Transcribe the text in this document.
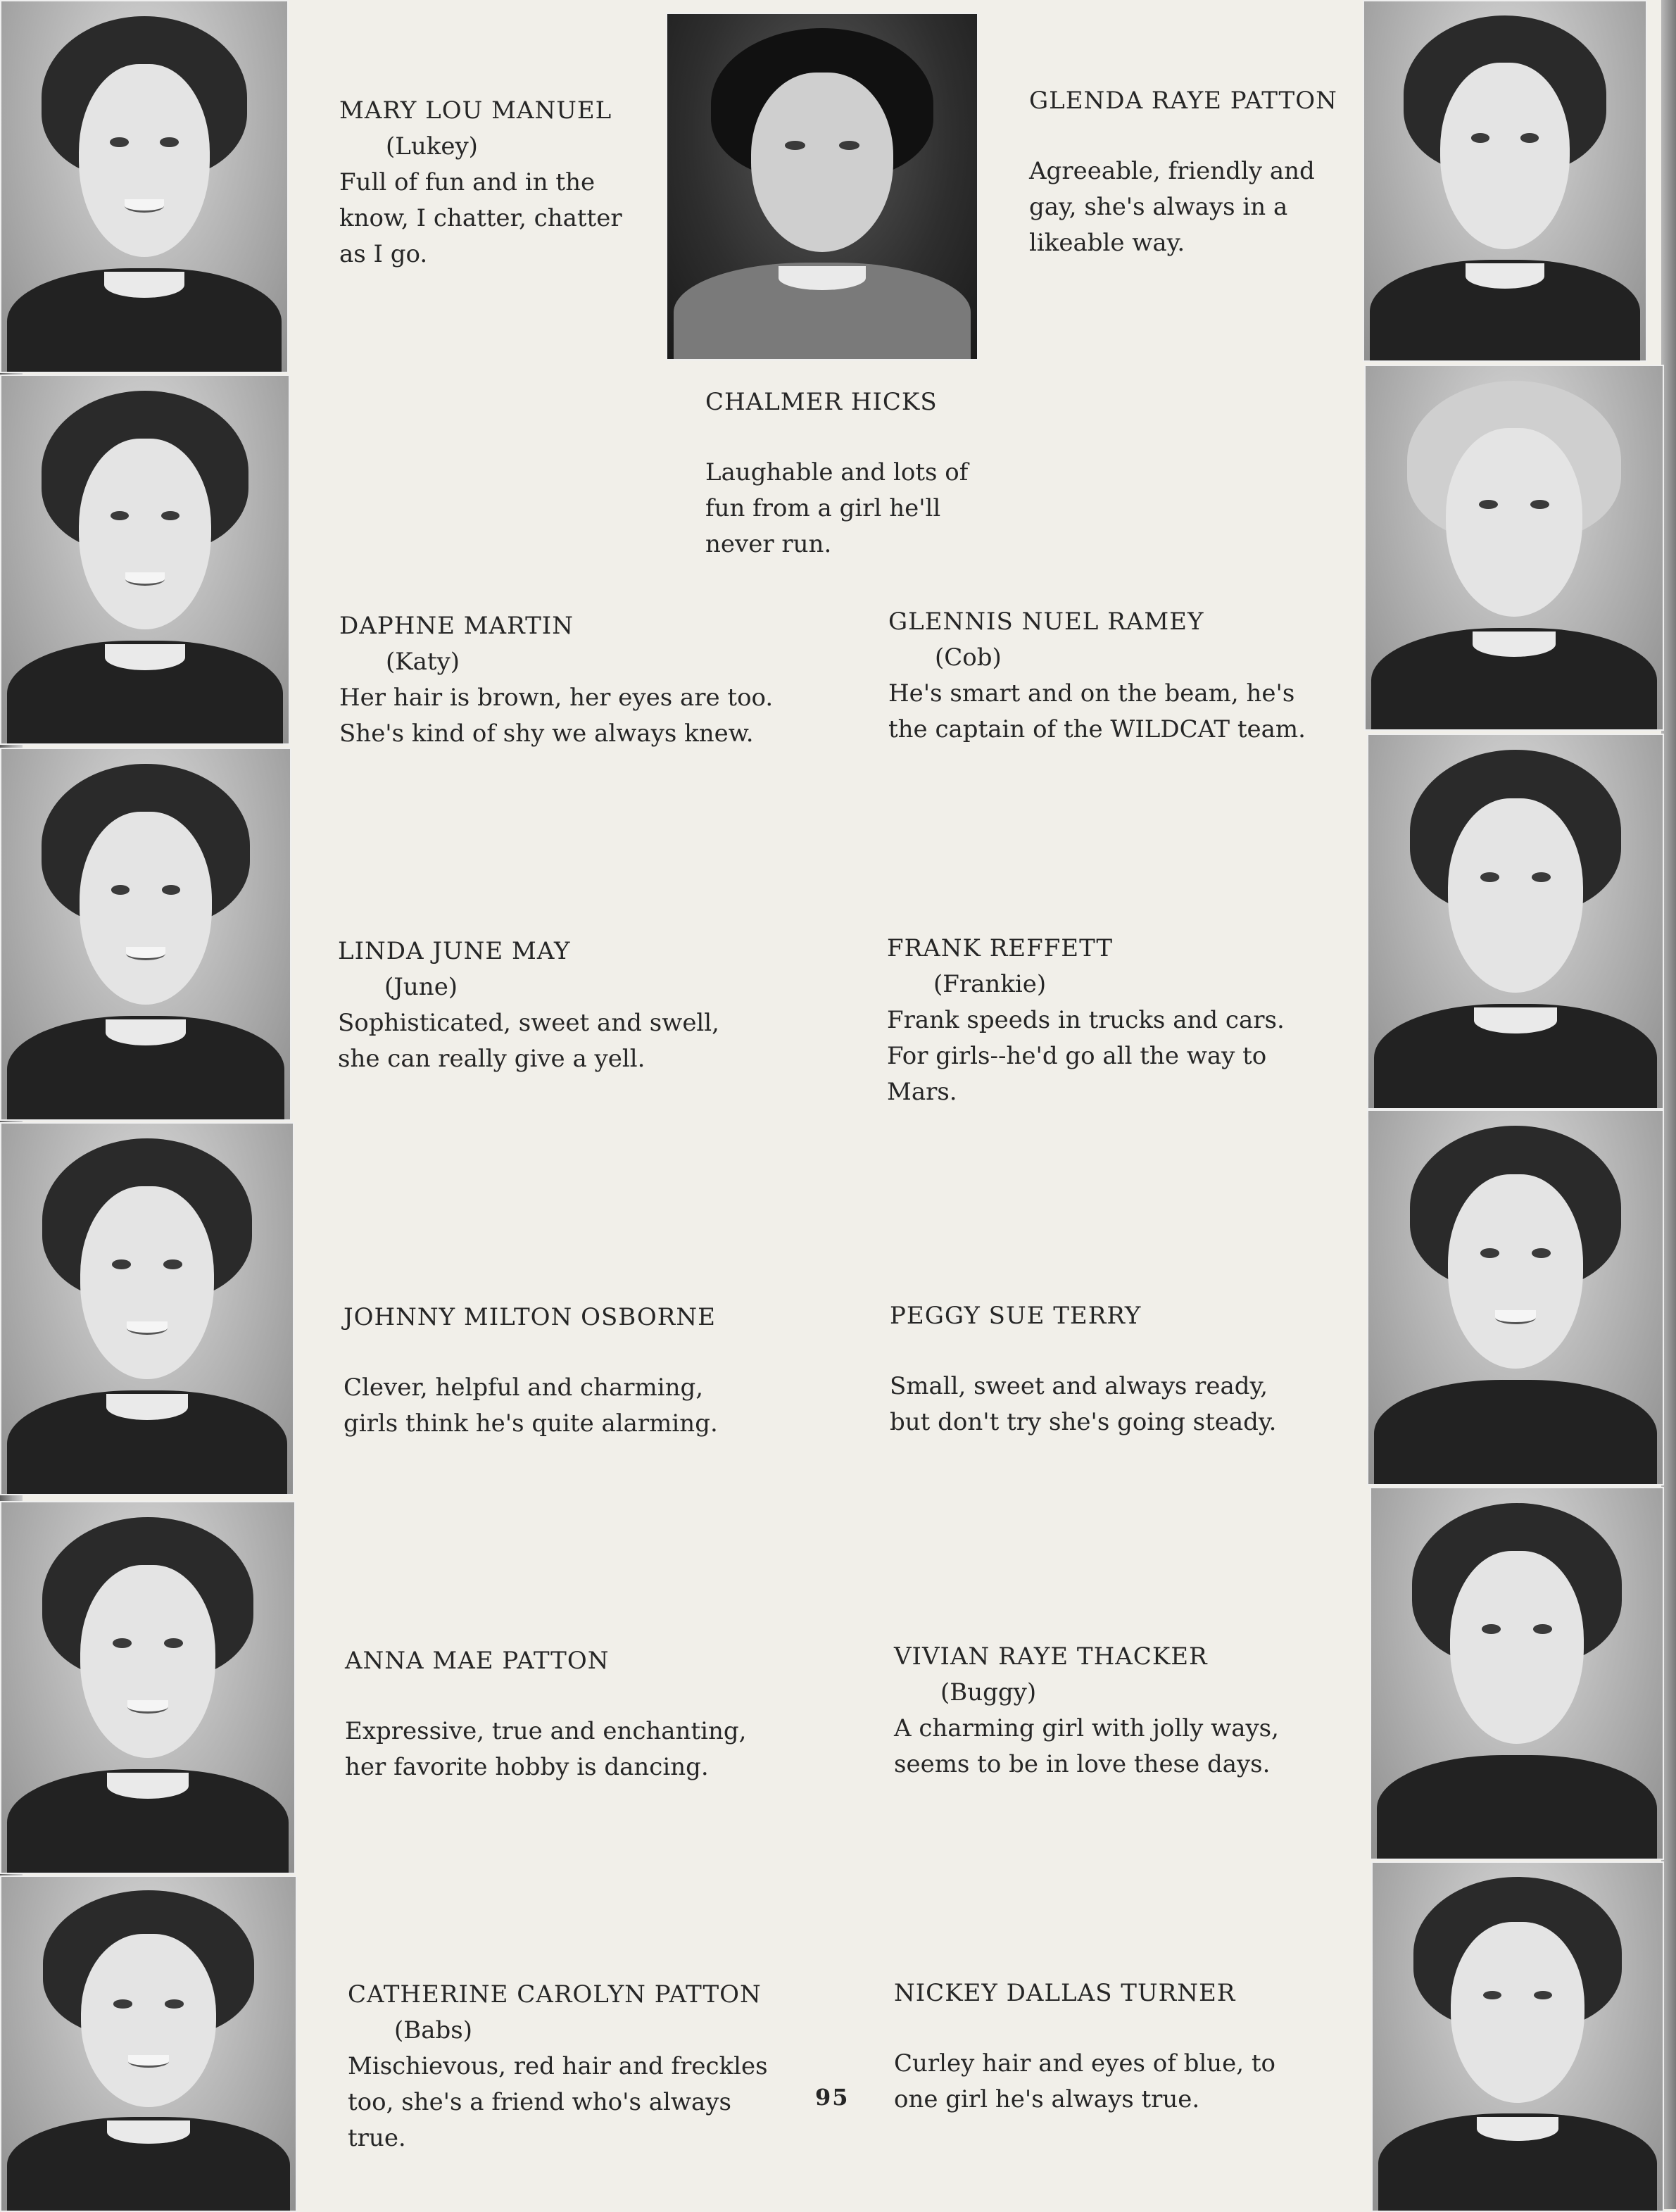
MARY LOU MANUEL
(Lukey)
Full of fun and in the
know, I chatter, chatter
as I go.
CHALMER HICKS
Laughable and lots of
fun from a girl he'll
never run.
GLENDA RAYE PATTON
Agreeable, friendly and
gay, she's always in a
likeable way.
DAPHNE MARTIN
(Katy)
Her hair is brown, her eyes are too.
She's kind of shy we always knew.
GLENNIS NUEL RAMEY
(Cob)
He's smart and on the beam, he's
the captain of the WILDCAT team.
LINDA JUNE MAY
(June)
Sophisticated, sweet and swell,
she can really give a yell.
FRANK REFFETT
(Frankie)
Frank speeds in trucks and cars.
For girls--he'd go all the way to
Mars.
JOHNNY MILTON OSBORNE
Clever, helpful and charming,
girls think he's quite alarming.
PEGGY SUE TERRY
Small, sweet and always ready,
but don't try she's going steady.
ANNA MAE PATTON
Expressive, true and enchanting,
her favorite hobby is dancing.
VIVIAN RAYE THACKER
(Buggy)
A charming girl with jolly ways,
seems to be in love these days.
CATHERINE CAROLYN PATTON
(Babs)
Mischievous, red hair and freckles
too, she's a friend who's always
true.
NICKEY DALLAS TURNER
Curley hair and eyes of blue, to
one girl he's always true.
95
